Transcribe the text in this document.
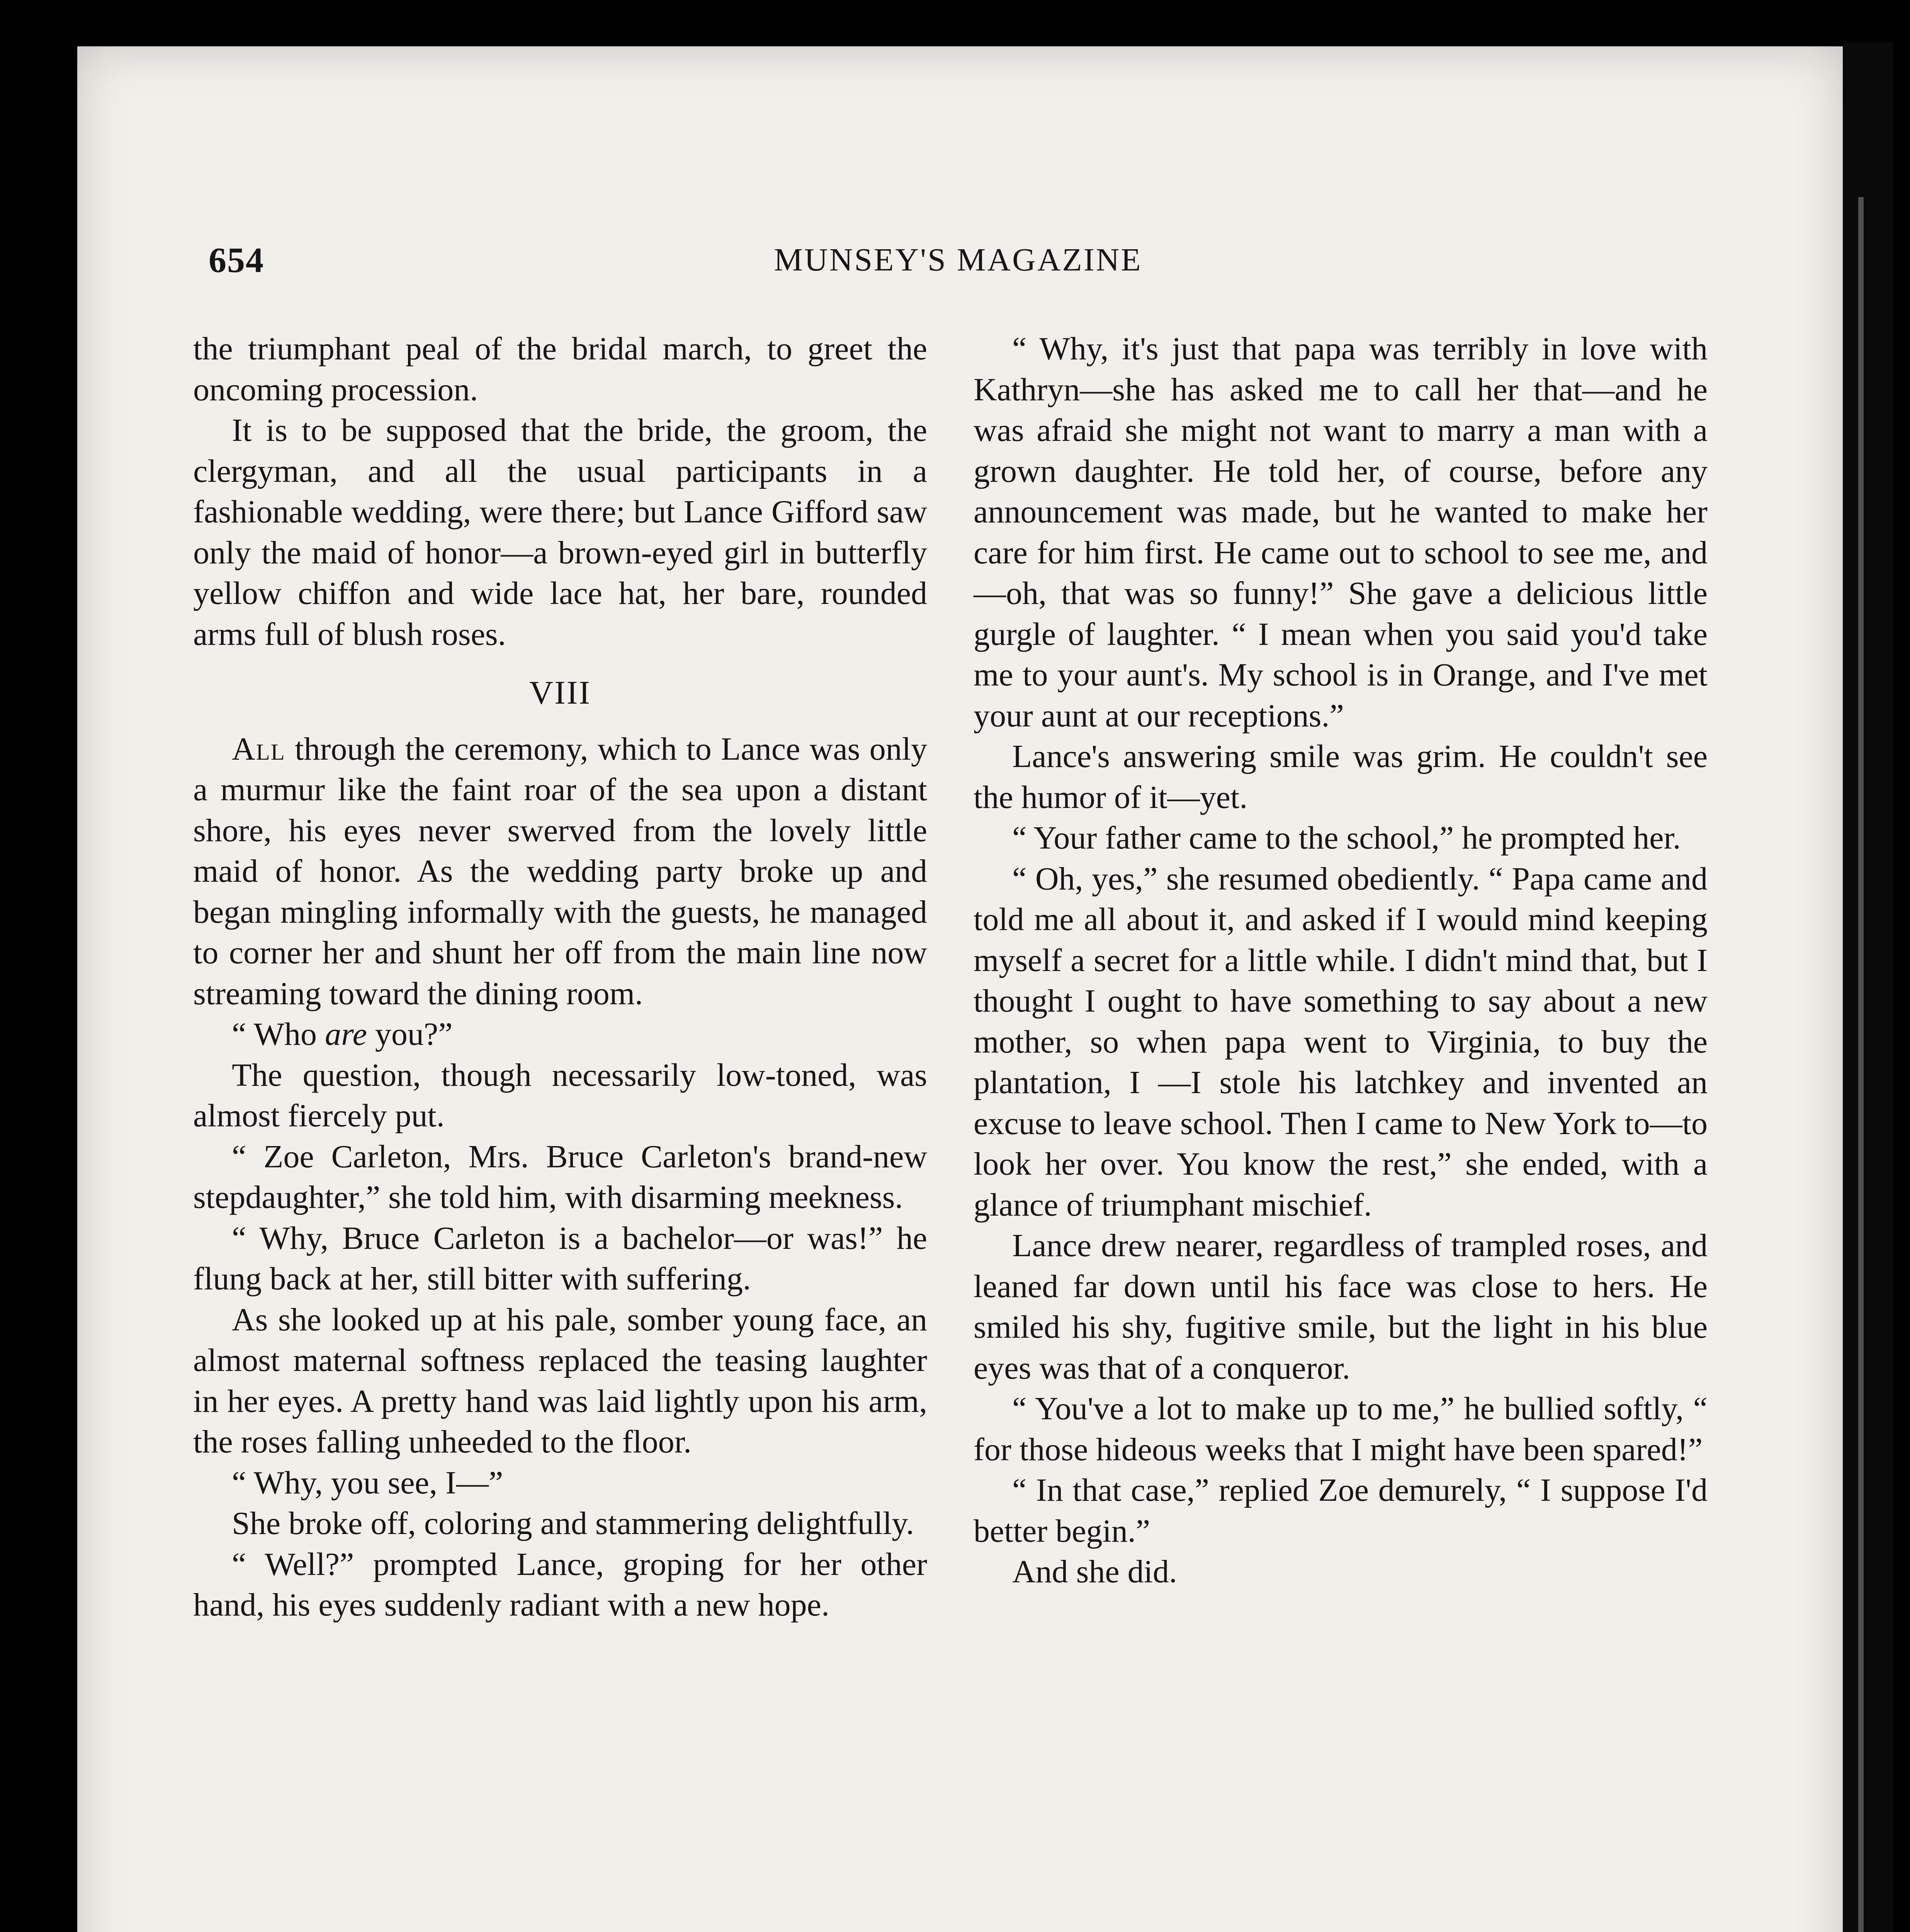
654	MUNSEY'S MAGAZINE

the triumphant peal of the bridal march, to greet the oncoming procession.

It is to be supposed that the bride, the groom, the clergyman, and all the usual participants in a fashionable wedding, were there; but Lance Gifford saw only the maid of honor—a brown-eyed girl in butterfly yellow chiffon and wide lace hat, her bare, rounded arms full of blush roses.

VIII

All through the ceremony, which to Lance was only a murmur like the faint roar of the sea upon a distant shore, his eyes never swerved from the lovely little maid of honor. As the wedding party broke up and began mingling informally with the guests, he managed to corner her and shunt her off from the main line now streaming toward the dining room.

“ Who are you?”

The question, though necessarily low-toned, was almost fiercely put.

“ Zoe Carleton, Mrs. Bruce Carleton's brand-new stepdaughter,” she told him, with disarming meekness.

“ Why, Bruce Carleton is a bachelor—or was!” he flung back at her, still bitter with suffering.

As she looked up at his pale, somber young face, an almost maternal softness replaced the teasing laughter in her eyes. A pretty hand was laid lightly upon his arm, the roses falling unheeded to the floor.

“ Why, you see, I—”

She broke off, coloring and stammering delightfully.

“ Well?” prompted Lance, groping for her other hand, his eyes suddenly radiant with a new hope.

“ Why, it's just that papa was terribly in love with Kathryn—she has asked me to call her that—and he was afraid she might not want to marry a man with a grown daughter. He told her, of course, before any announcement was made, but he wanted to make her care for him first. He came out to school to see me, and—oh, that was so funny!” She gave a delicious little gurgle of laughter. “ I mean when you said you'd take me to your aunt's. My school is in Orange, and I've met your aunt at our receptions.”

Lance's answering smile was grim. He couldn't see the humor of it—yet.

“ Your father came to the school,” he prompted her.

“ Oh, yes,” she resumed obediently. “ Papa came and told me all about it, and asked if I would mind keeping myself a secret for a little while. I didn't mind that, but I thought I ought to have something to say about a new mother, so when papa went to Virginia, to buy the plantation, I —I stole his latchkey and invented an excuse to leave school. Then I came to New York to—to look her over. You know the rest,” she ended, with a glance of triumphant mischief.

Lance drew nearer, regardless of trampled roses, and leaned far down until his face was close to hers. He smiled his shy, fugitive smile, but the light in his blue eyes was that of a conqueror.

“ You've a lot to make up to me,” he bullied softly, “ for those hideous weeks that I might have been spared!”

“ In that case,” replied Zoe demurely, “ I suppose I'd better begin.”

And she did.
